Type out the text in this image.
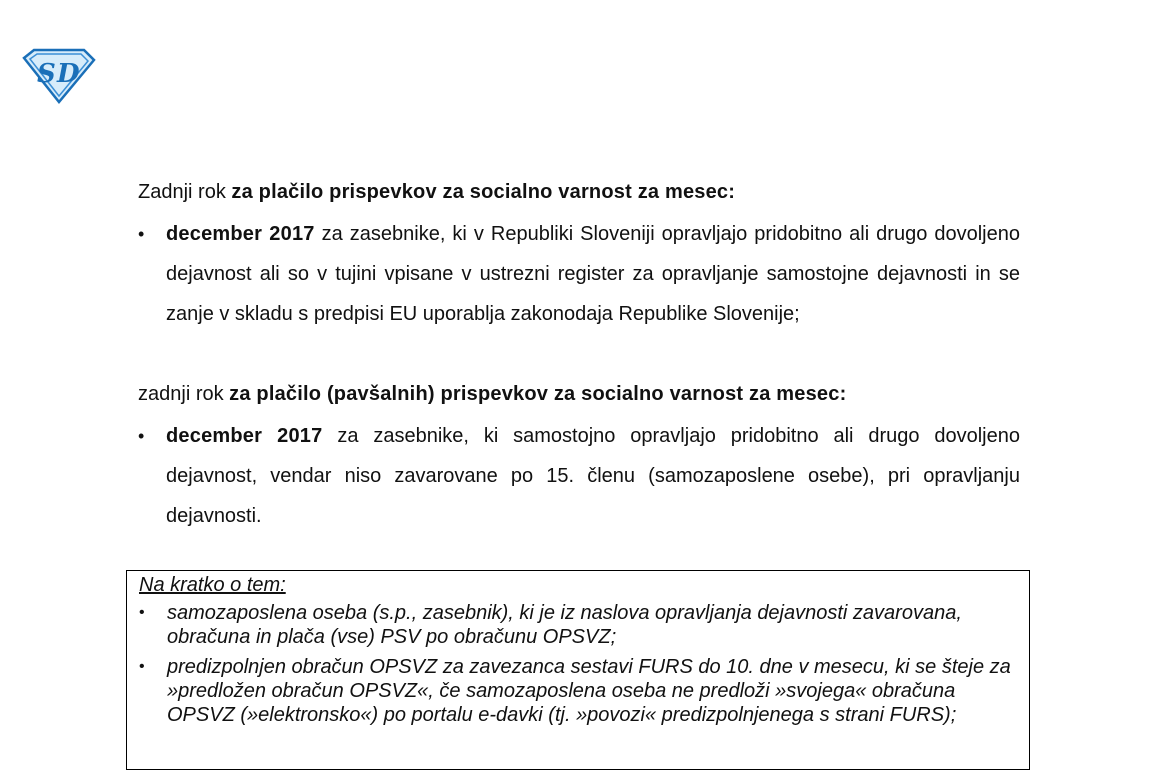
S D
Zadnji rok za plačilo prispevkov za socialno varnost za mesec:
•	december 2017 za zasebnike, ki v Republiki Sloveniji opravljajo pridobitno ali drugo dovoljeno dejavnost ali so v tujini vpisane v ustrezni register za opravljanje samostojne dejavnosti in se zanje v skladu s predpisi EU uporablja zakonodaja Republike Slovenije;
zadnji rok za plačilo (pavšalnih) prispevkov za socialno varnost za mesec:
•	december 2017 za zasebnike, ki samostojno opravljajo pridobitno ali drugo dovoljeno dejavnost, vendar niso zavarovane po 15. členu (samozaposlene osebe), pri opravljanju dejavnosti.
Na kratko o tem:
•	samozaposlena oseba (s.p., zasebnik), ki je iz naslova opravljanja dejavnosti zavarovana, obračuna in plača (vse) PSV po obračunu OPSVZ;
•	predizpolnjen obračun OPSVZ za zavezanca sestavi FURS do 10. dne v mesecu, ki se šteje za »predložen obračun OPSVZ«, če samozaposlena oseba ne predloži »svojega« obračuna OPSVZ (»elektronsko«) po portalu e-davki (tj. »povozi« predizpolnjenega s strani FURS);
